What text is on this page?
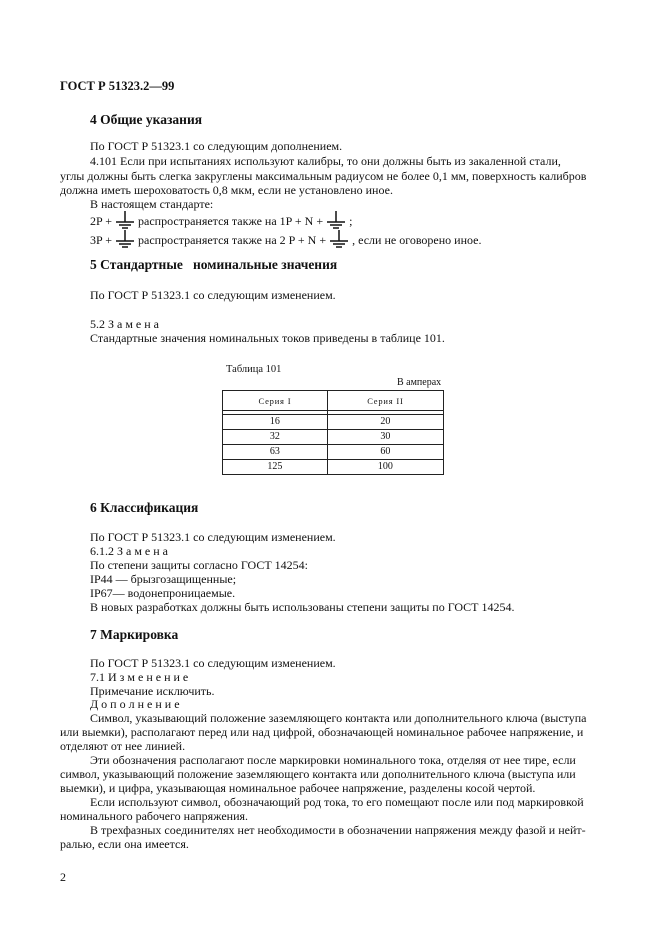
ГОСТ Р 51323.2—99
4 Общие указания
По ГОСТ Р 51323.1 со следующим дополнением.
4.101 Если при испытаниях используют калибры, то они должны быть из закаленной стали,
углы должны быть слегка закруглены максимальным радиусом не более 0,1 мм, поверхность калибров
должна иметь шероховатость 0,8 мкм, если не установлено иное.
В настоящем стандарте:
2P + распространяется также на 1P + N + ;
3P + распространяется также на 2 P + N + , если не оговорено иное.
5 Стандартные   номинальные значения
По ГОСТ Р 51323.1 со следующим изменением.
5.2 З а м е н а
Стандартные значения номинальных токов приведены в таблице 101.
Таблица 101
В амперах
Серия I	Серия II

16	20
32	30
63	60
125	100
6 Классификация
По ГОСТ Р 51323.1 со следующим изменением.
6.1.2 З а м е н а
По степени защиты согласно ГОСТ 14254:
IP44 — брызгозащищенные;
IP67— водонепроницаемые.
В новых разработках должны быть использованы степени защиты по ГОСТ 14254.
7 Маркировка
По ГОСТ Р 51323.1 со следующим изменением.
7.1 И з м е н е н и е
Примечание исключить.
Д о п о л н е н и е
Символ, указывающий положение заземляющего контакта или дополнительного ключа (выступа
или выемки), располагают перед или над цифрой, обозначающей номинальное рабочее напряжение, и
отделяют от нее линией.
Эти обозначения располагают после маркировки номинального тока, отделяя от нее тире, если
символ, указывающий положение заземляющего контакта или дополнительного ключа (выступа или
выемки), и цифра, указывающая номинальное рабочее напряжение, разделены косой чертой.
Если используют символ, обозначающий род тока, то его помещают после или под маркировкой
номинального рабочего напряжения.
В трехфазных соединителях нет необходимости в обозначении напряжения между фазой и нейт-
ралью, если она имеется.
2
